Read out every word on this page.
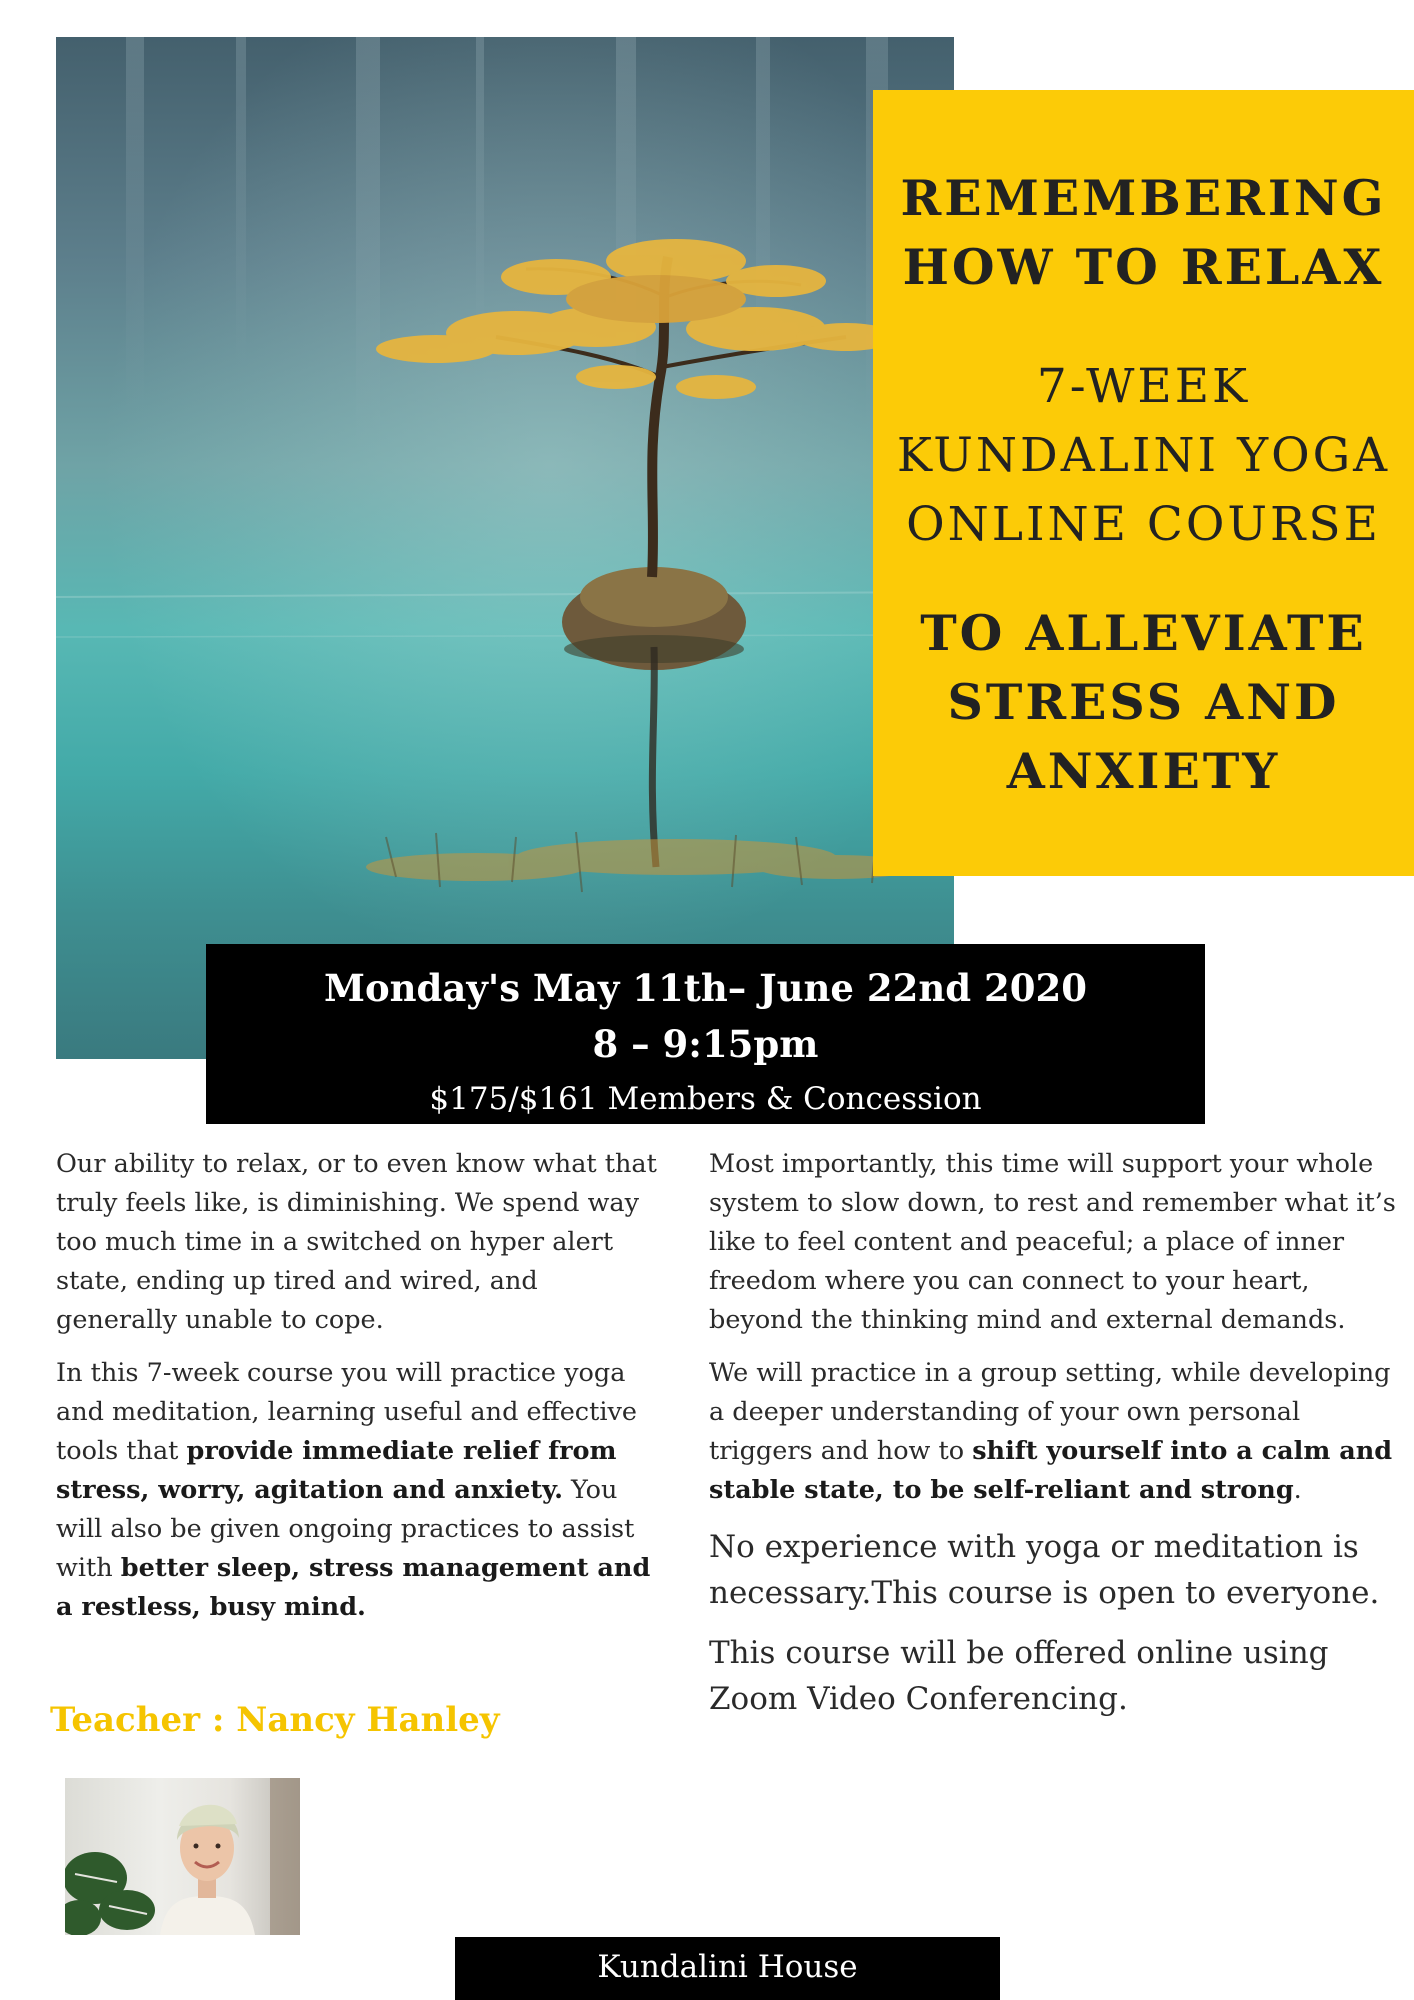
REMEMBERING
HOW TO RELAX
7-WEEK
KUNDALINI YOGA
ONLINE COURSE
TO ALLEVIATE
STRESS AND
ANXIETY
Monday's May 11th– June 22nd 2020
8 – 9:15pm
$175/$161 Members & Concession

Our ability to relax, or to even know what that truly feels like, is diminishing. We spend way too much time in a switched on hyper alert state, ending up tired and wired, and generally unable to cope.

In this 7-week course you will practice yoga and meditation, learning useful and effective tools that provide immediate relief from stress, worry, agitation and anxiety. You will also be given ongoing practices to assist with better sleep, stress management and a restless, busy mind.

Most importantly, this time will support your whole system to slow down, to rest and remember what it’s like to feel content and peaceful; a place of inner freedom where you can connect to your heart, beyond the thinking mind and external demands.

We will practice in a group setting, while developing a deeper understanding of your own personal triggers and how to shift yourself into a calm and stable state, to be self-reliant and strong.

No experience with yoga or meditation is necessary.This course is open to everyone.

This course will be offered online using Zoom Video Conferencing.

Teacher : Nancy Hanley
Kundalini House
